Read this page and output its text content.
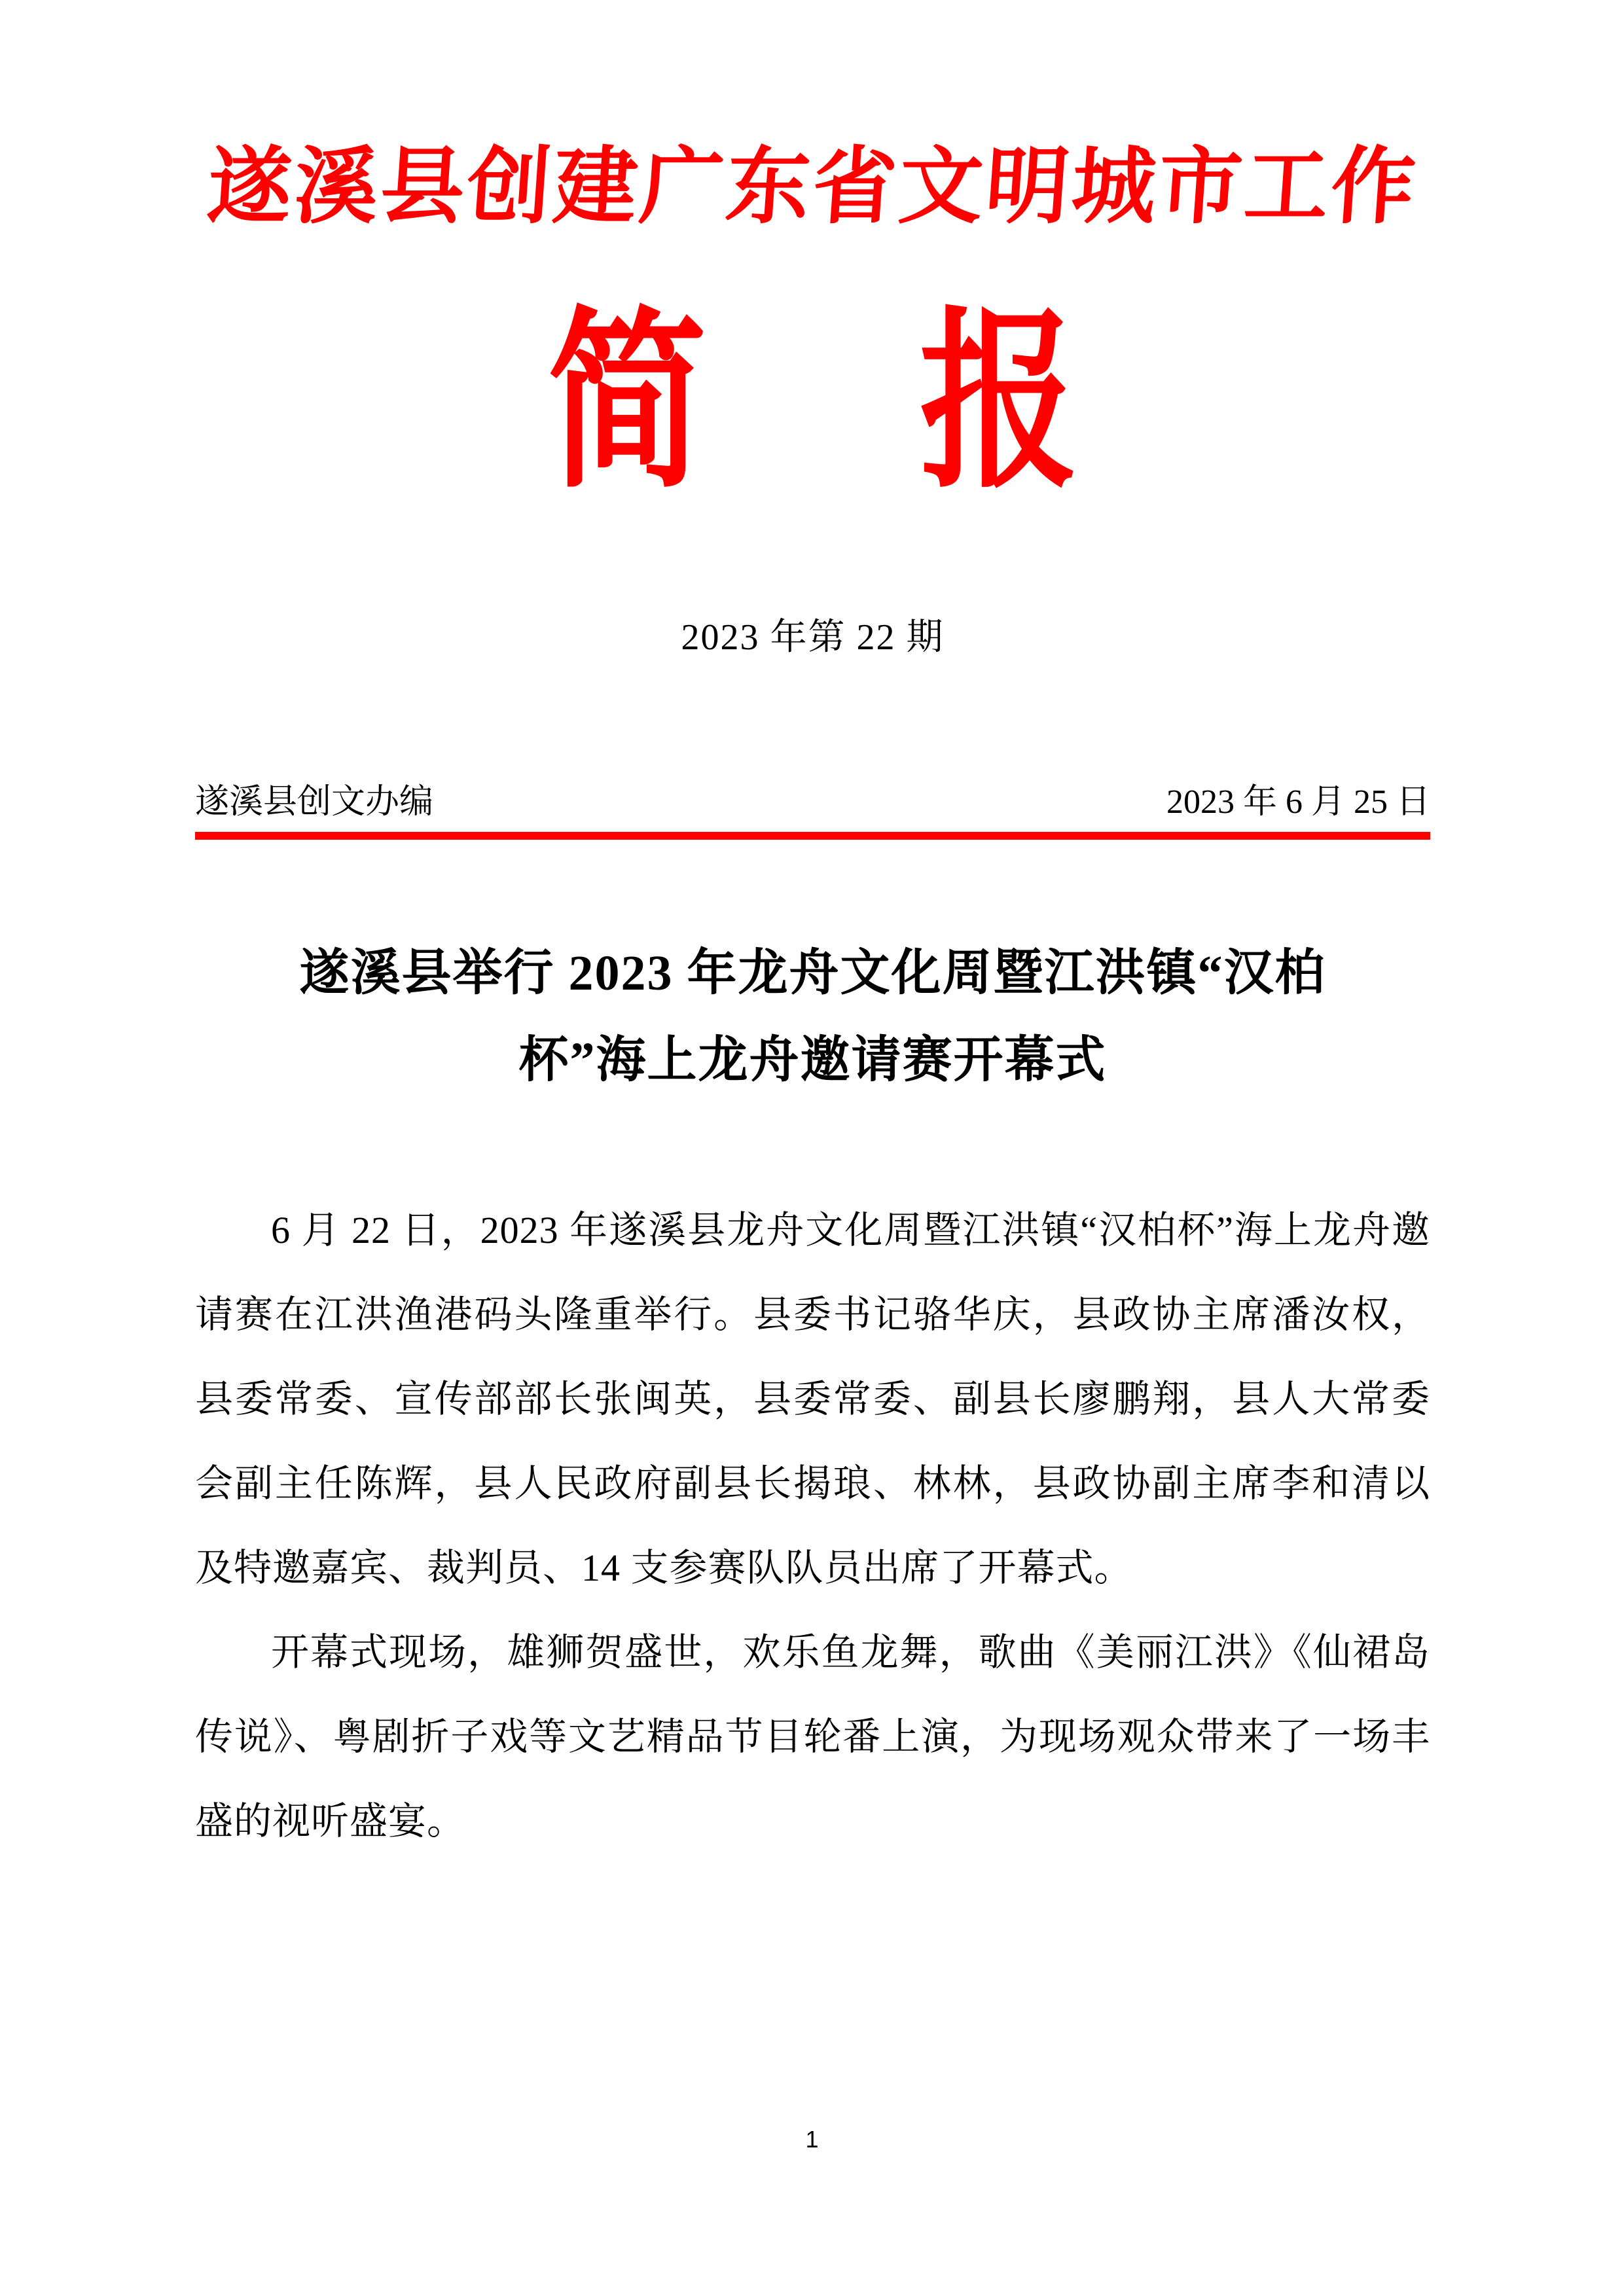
遂溪县创建广东省文明城市工作
简 报
2023 年第 22 期
遂溪县创文办编	2023 年 6 月 25 日
遂溪县举行 2023 年龙舟文化周暨江洪镇“汉柏
杯”海上龙舟邀请赛开幕式

6 月 22 日，2023 年遂溪县龙舟文化周暨江洪镇“汉柏杯”海上龙舟邀请赛在江洪渔港码头隆重举行。县委书记骆华庆，县政协主席潘汝权，县委常委、宣传部部长张闽英，县委常委、副县长廖鹏翔，县人大常委会副主任陈辉，县人民政府副县长揭琅、林林，县政协副主席李和清以及特邀嘉宾、裁判员、14 支参赛队队员出席了开幕式。

开幕式现场，雄狮贺盛世，欢乐鱼龙舞，歌曲《美丽江洪》《仙裙岛传说》、粤剧折子戏等文艺精品节目轮番上演，为现场观众带来了一场丰盛的视听盛宴。

1
